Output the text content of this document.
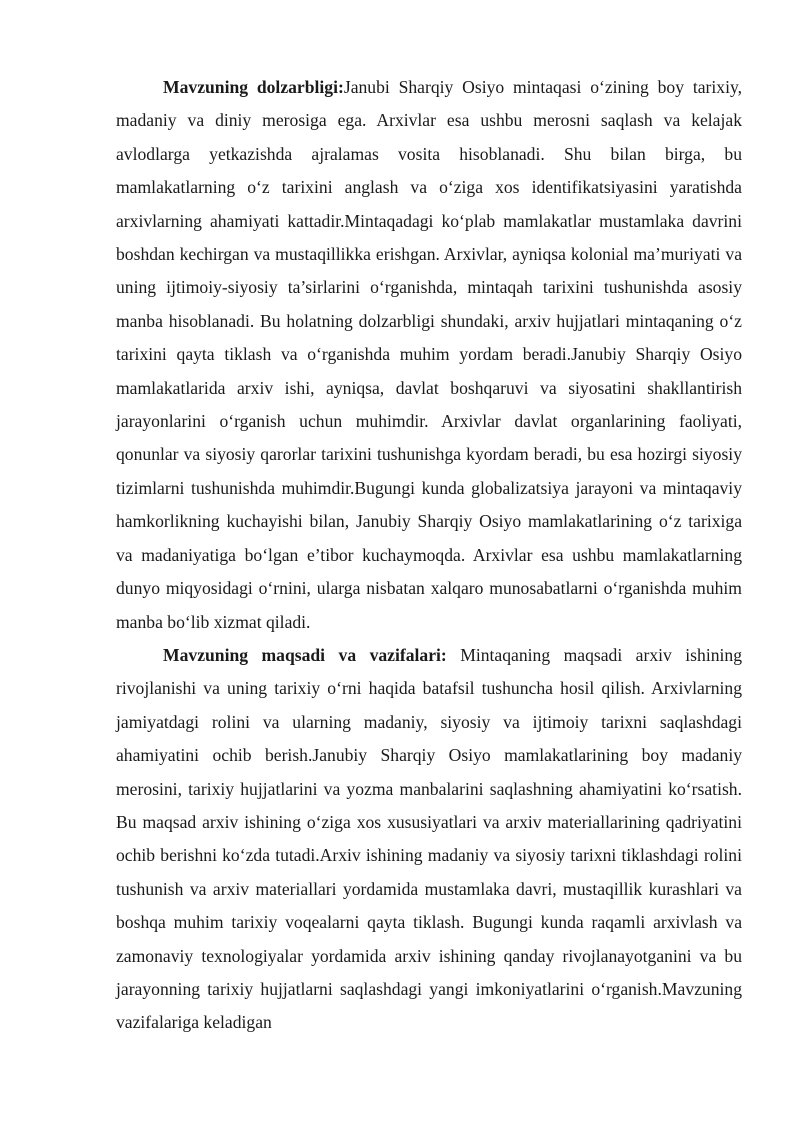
Mavzuning dolzarbligi:Janubi Sharqiy Osiyo mintaqasi o‘zining boy tarixiy, madaniy va diniy merosiga ega. Arxivlar esa ushbu merosni saqlash va kelajak avlodlarga yetkazishda ajralamas vosita hisoblanadi. Shu bilan birga, bu mamlakatlarning o‘z tarixini anglash va o‘ziga xos identifikatsiyasini yaratishda arxivlarning ahamiyati kattadir.Mintaqadagi ko‘plab mamlakatlar mustamlaka davrini boshdan kechirgan va mustaqillikka erishgan. Arxivlar, ayniqsa kolonial ma’muriyati va uning ijtimoiy-siyosiy ta’sirlarini o‘rganishda, mintaqah tarixini tushunishda asosiy manba hisoblanadi. Bu holatning dolzarbligi shundaki, arxiv hujjatlari mintaqaning o‘z tarixini qayta tiklash va o‘rganishda muhim yordam beradi.Janubiy Sharqiy Osiyo mamlakatlarida arxiv ishi, ayniqsa, davlat boshqaruvi va siyosatini shakllantirish jarayonlarini o‘rganish uchun muhimdir. Arxivlar davlat organlarining faoliyati, qonunlar va siyosiy qarorlar tarixini tushunishga kyordam beradi, bu esa hozirgi siyosiy tizimlarni tushunishda muhimdir.Bugungi kunda globalizatsiya jarayoni va mintaqaviy hamkorlikning kuchayishi bilan, Janubiy Sharqiy Osiyo mamlakatlarining o‘z tarixiga va madaniyatiga bo‘lgan e’tibor kuchaymoqda. Arxivlar esa ushbu mamlakatlarning dunyo miqyosidagi o‘rnini, ularga nisbatan xalqaro munosabatlarni o‘rganishda muhim manba bo‘lib xizmat qiladi.

Mavzuning maqsadi va vazifalari: Mintaqaning maqsadi arxiv ishining rivojlanishi va uning tarixiy o‘rni haqida batafsil tushuncha hosil qilish. Arxivlarning jamiyatdagi rolini va ularning madaniy, siyosiy va ijtimoiy tarixni saqlashdagi ahamiyatini ochib berish.Janubiy Sharqiy Osiyo mamlakatlarining boy madaniy merosini, tarixiy hujjatlarini va yozma manbalarini saqlashning ahamiyatini ko‘rsatish. Bu maqsad arxiv ishining o‘ziga xos xususiyatlari va arxiv materiallarining qadriyatini ochib berishni ko‘zda tutadi.Arxiv ishining madaniy va siyosiy tarixni tiklashdagi rolini tushunish va arxiv materiallari yordamida mustamlaka davri, mustaqillik kurashlari va boshqa muhim tarixiy voqealarni qayta tiklash. Bugungi kunda raqamli arxivlash va zamonaviy texnologiyalar yordamida arxiv ishining qanday rivojlanayotganini va bu jarayonning tarixiy hujjatlarni saqlashdagi yangi imkoniyatlarini o‘rganish.Mavzuning vazifalariga keladigan
